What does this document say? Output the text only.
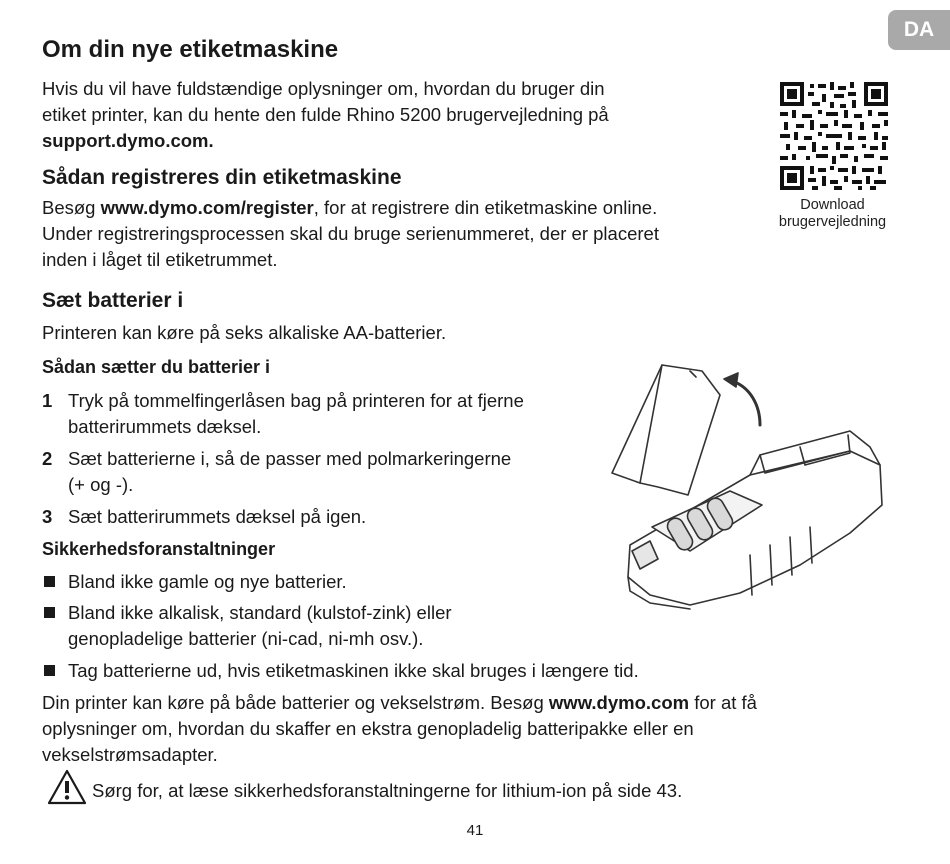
DA
Om din nye etiketmaskine

Hvis du vil have fuldstændige oplysninger om, hvordan du bruger din
etiket printer, kan du hente den fulde Rhino 5200 brugervejledning på
support.dymo.com.

Download
brugervejledning
Sådan registreres din etiketmaskine

Besøg www.dymo.com/register, for at registrere din etiketmaskine online.
Under registreringsprocessen skal du bruge serienummeret, der er placeret
inden i låget til etiketrummet.

Sæt batterier i

Printeren kan køre på seks alkaliske AA-batterier.

Sådan sætter du batterier i
1 Tryk på tommelfingerlåsen bag på printeren for at fjerne
batterirummets dæksel.
2 Sæt batterierne i, så de passer med polmarkeringerne
(+ og -).
3 Sæt batterirummets dæksel på igen.
Sikkerhedsforanstaltninger
Bland ikke gamle og nye batterier.
Bland ikke alkalisk, standard (kulstof-zink) eller
genopladelige batterier (ni-cad, ni-mh osv.).
Tag batterierne ud, hvis etiketmaskinen ikke skal bruges i længere tid.

Din printer kan køre på både batterier og vekselstrøm. Besøg www.dymo.com for at få
oplysninger om, hvordan du skaffer en ekstra genopladelig batteripakke eller en
vekselstrømsadapter.

Sørg for, at læse sikkerhedsforanstaltningerne for lithium-ion på side 43.

41
